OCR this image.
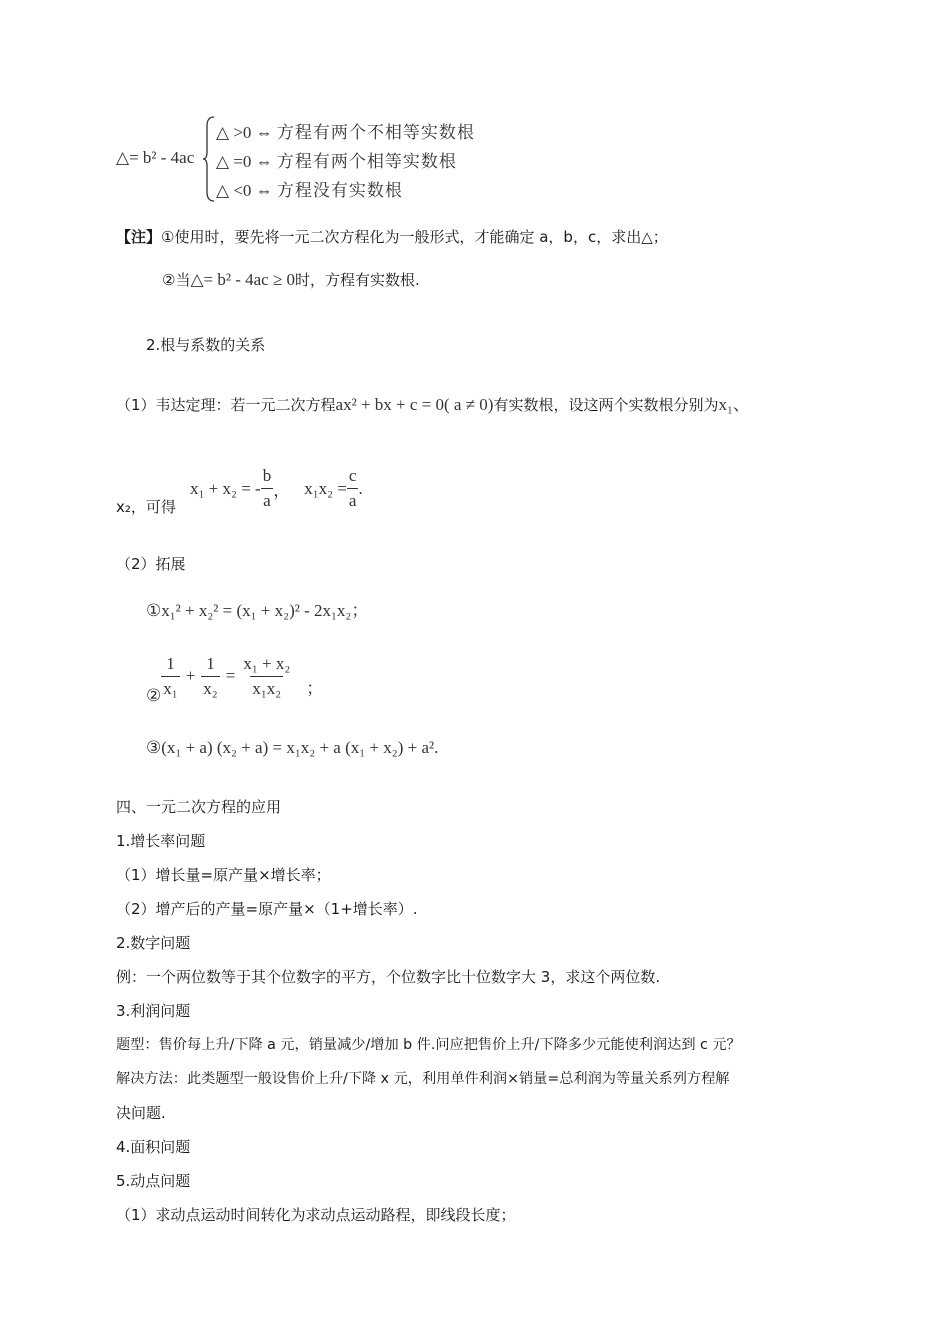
△= b² - 4ac
△ >0 ⇔ 方程有两个不相等实数根
△ =0 ⇔ 方程有两个相等实数根
△ <0 ⇔ 方程没有实数根
【注】①使用时，要先将一元二次方程化为一般形式，才能确定 a，b，c，求出△；
②当△= b² - 4ac ≥ 0时，方程有实数根.
2.根与系数的关系
（1）韦达定理：若一元二次方程ax² + bx + c = 0( a ≠ 0)有实数根，设这两个实数根分别为x₁、
x₂，可得
x₁ + x₂ = - $\frac{b}{a}$ ， $x_1x_2 = \frac{c}{a}$ .
（2）拓展
①x₁² + x₂² = (x₁ + x₂)² - 2x₁x₂；
② $\frac{1}{\text{x₁}} + \frac{1}{\text{x₂}} = \frac{\text{x₁ + x₂}}{\text{x₁x₂}}$ ；
③(x₁ + a) (x₂ + a) = x₁x₂ + a (x₁ + x₂) + a².
四、一元二次方程的应用
1.增长率问题
（1）增长量=原产量×增长率；
（2）增产后的产量=原产量×（1+增长率）.
2.数字问题
例：一个两位数等于其个位数字的平方，个位数字比十位数字大 3，求这个两位数.
3.利润问题
题型：售价每上升/下降 a 元，销量减少/增加 b 件.问应把售价上升/下降多少元能使利润达到 c 元？
解决方法：此类题型一般设售价上升/下降 x 元，利用单件利润×销量=总利润为等量关系列方程解
决问题.
4.面积问题
5.动点问题
（1）求动点运动时间转化为求动点运动路程，即线段长度；
